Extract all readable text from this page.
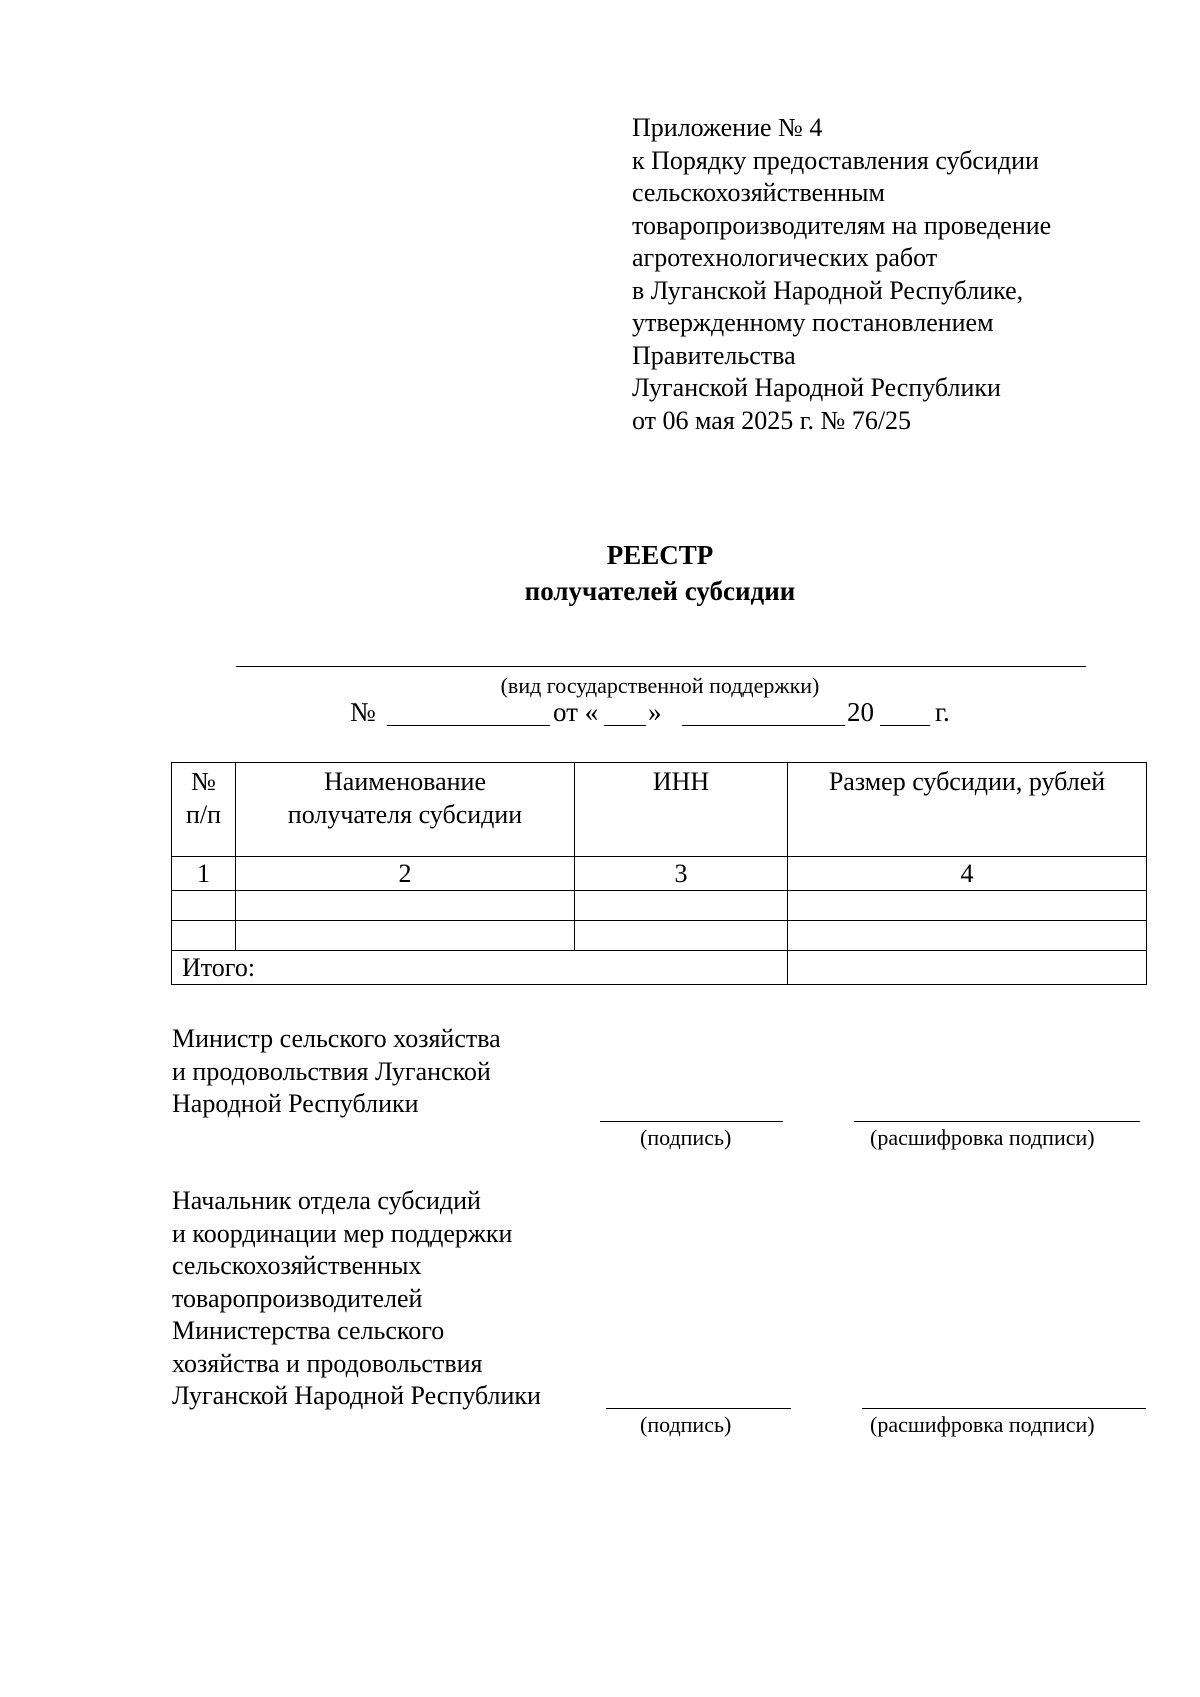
Приложение № 4
к Порядку предоставления субсидии
сельскохозяйственным
товаропроизводителям на проведение
агротехнологических работ
в Луганской Народной Республике,
утвержденному постановлением
Правительства
Луганской Народной Республики
от 06 мая 2025 г. № 76/25
РЕЕСТР
получателей субсидии
(вид государственной поддержки)
№	от « »	20 г.
№
п/п	Наименование получателя субсидии	ИНН	Размер субсидии, рублей
1	2	3	4

Итого:			
Министр сельского хозяйства
и продовольствия Луганской
Народной Республики
(подпись)	(расшифровка подписи)
Начальник отдела субсидий
и координации мер поддержки
сельскохозяйственных
товаропроизводителей
Министерства сельского
хозяйства и продовольствия
Луганской Народной Республики
(подпись)	(расшифровка подписи)
